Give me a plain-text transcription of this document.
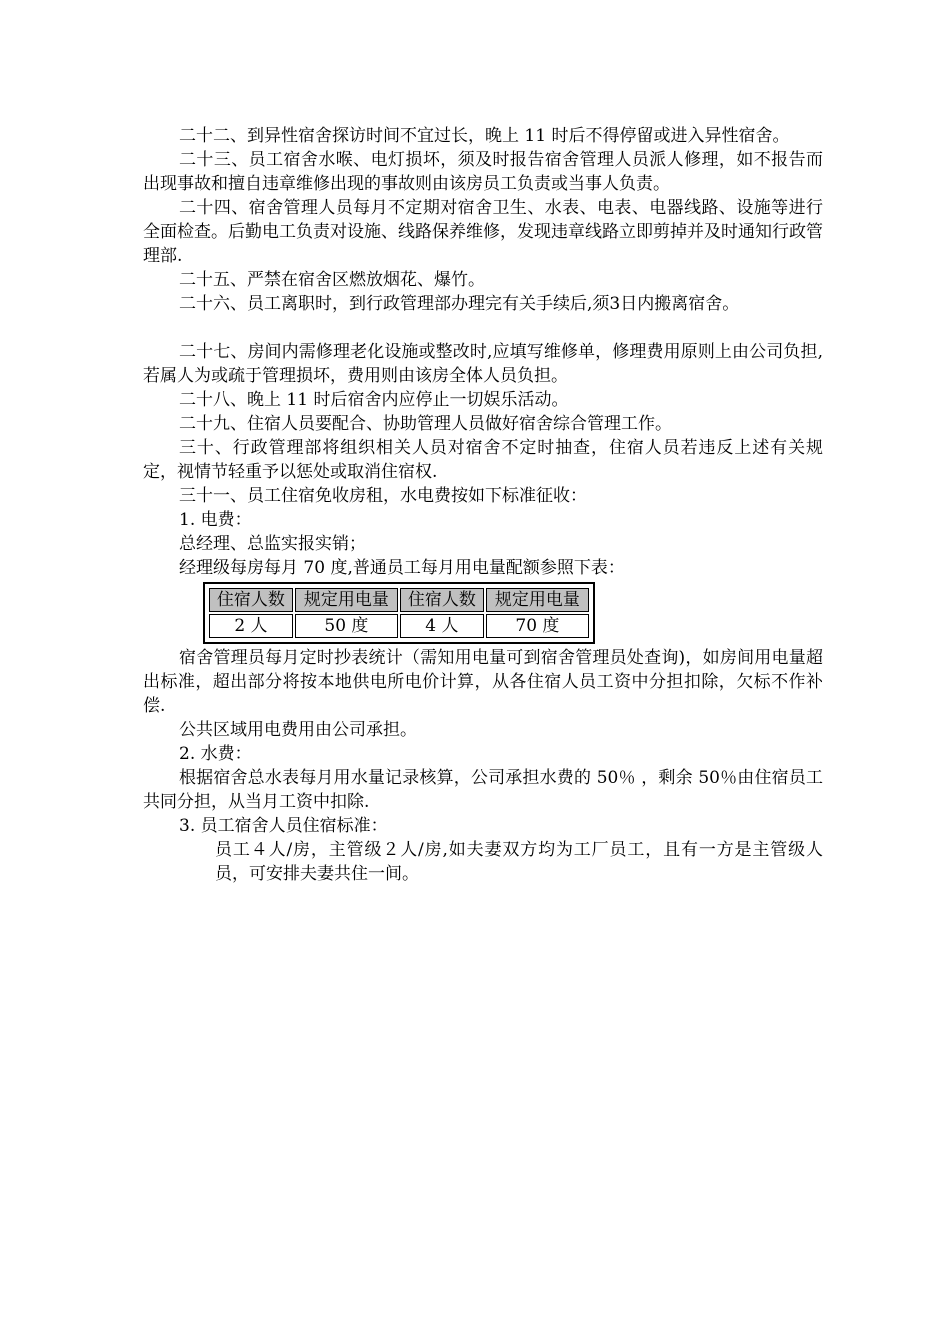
二十二、到异性宿舍探访时间不宜过长，晚上 11 时后不得停留或进入异性宿舍。

二十三、员工宿舍水喉、电灯损坏，须及时报告宿舍管理人员派人修理，如不报告而出现事故和擅自违章维修出现的事故则由该房员工负责或当事人负责。

二十四、宿舍管理人员每月不定期对宿舍卫生、水表、电表、电器线路、设施等进行全面检查。后勤电工负责对设施、线路保养维修，发现违章线路立即剪掉并及时通知行政管理部.

二十五、严禁在宿舍区燃放烟花、爆竹。

二十六、员工离职时，到行政管理部办理完有关手续后,须3日内搬离宿舍。

二十七、房间内需修理老化设施或整改时,应填写维修单，修理费用原则上由公司负担,若属人为或疏于管理损坏，费用则由该房全体人员负担。

二十八、晚上 11 时后宿舍内应停止一切娱乐活动。

二十九、住宿人员要配合、协助管理人员做好宿舍综合管理工作。

三十、行政管理部将组织相关人员对宿舍不定时抽查，住宿人员若违反上述有关规定，视情节轻重予以惩处或取消住宿权.

三十一、员工住宿免收房租，水电费按如下标准征收：

1. 电费：

总经理、总监实报实销；

经理级每房每月 70 度,普通员工每月用电量配额参照下表：

住宿人数	规定用电量	住宿人数	规定用电量
2 人	50 度	4 人	70 度

宿舍管理员每月定时抄表统计（需知用电量可到宿舍管理员处查询)，如房间用电量超出标准，超出部分将按本地供电所电价计算，从各住宿人员工资中分担扣除，欠标不作补偿.

公共区域用电费用由公司承担。

2. 水费：

根据宿舍总水表每月用水量记录核算，公司承担水费的 50％ ，剩余 50％由住宿员工共同分担，从当月工资中扣除.

3. 员工宿舍人员住宿标准：

员工４人/房，主管级２人/房,如夫妻双方均为工厂员工，且有一方是主管级人员，可安排夫妻共住一间。
